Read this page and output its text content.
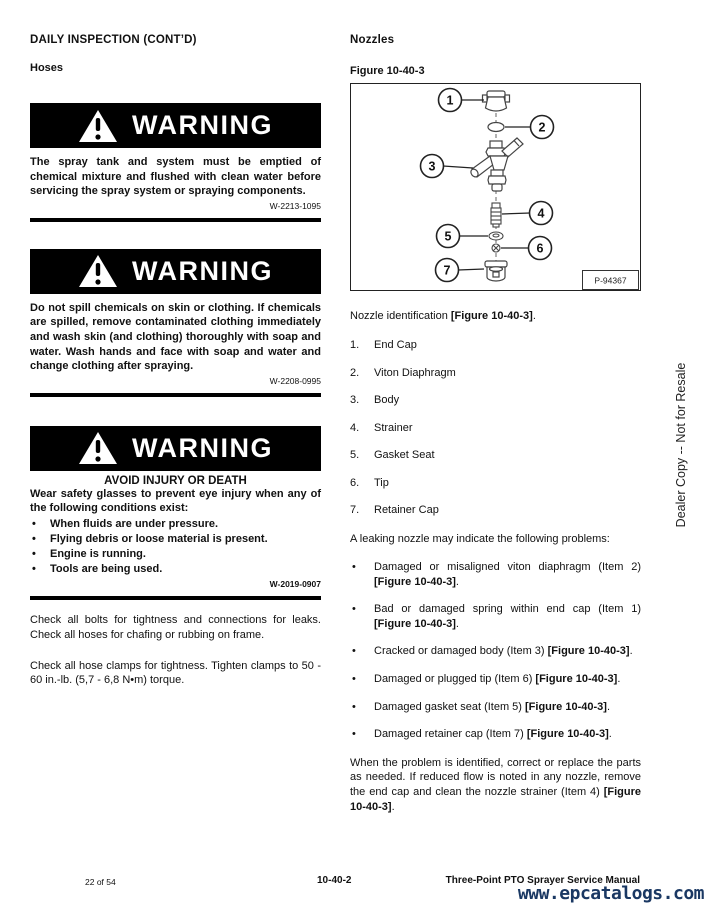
DAILY INSPECTION (CONT’D)
Hoses
WARNING
The spray tank and system must be emptied of chemical mixture and flushed with clean water before servicing the spray system or spraying components.
W-2213-1095
WARNING
Do not spill chemicals on skin or clothing. If chemicals are spilled, remove contaminated clothing immediately and wash skin (and clothing) thoroughly with soap and water. Wash hands and face with soap and water and change clothing after spraying.
W-2208-0995
WARNING
AVOID INJURY OR DEATH
Wear safety glasses to prevent eye injury when any of the following conditions exist:
• When fluids are under pressure.
• Flying debris or loose material is present.
• Engine is running.
• Tools are being used.
W-2019-0907
Check all bolts for tightness and connections for leaks. Check all hoses for chafing or rubbing on frame.
Check all hose clamps for tightness. Tighten clamps to 50 - 60 in.-lb. (5,7 - 6,8 N•m) torque.
Nozzles
Figure 10-40-3
1
2
3
4
5
6
7
P-94367
Nozzle identification [Figure 10-40-3].
1.	End Cap
2.	Viton Diaphragm
3.	Body
4.	Strainer
5.	Gasket Seat
6.	Tip
7.	Retainer Cap
A leaking nozzle may indicate the following problems:
• Damaged or misaligned viton diaphragm (Item 2) [Figure 10-40-3].
• Bad or damaged spring within end cap (Item 1) [Figure 10-40-3].
• Cracked or damaged body (Item 3) [Figure 10-40-3].
• Damaged or plugged tip (Item 6) [Figure 10-40-3].
• Damaged gasket seat (Item 5) [Figure 10-40-3].
• Damaged retainer cap (Item 7) [Figure 10-40-3].
When the problem is identified, correct or replace the parts as needed. If reduced flow is noted in any nozzle, remove the end cap and clean the nozzle strainer (Item 4) [Figure 10-40-3].
Dealer Copy -- Not for Resale
22 of 54	10-40-2	Three-Point PTO Sprayer Service Manual
www.epcatalogs.com
